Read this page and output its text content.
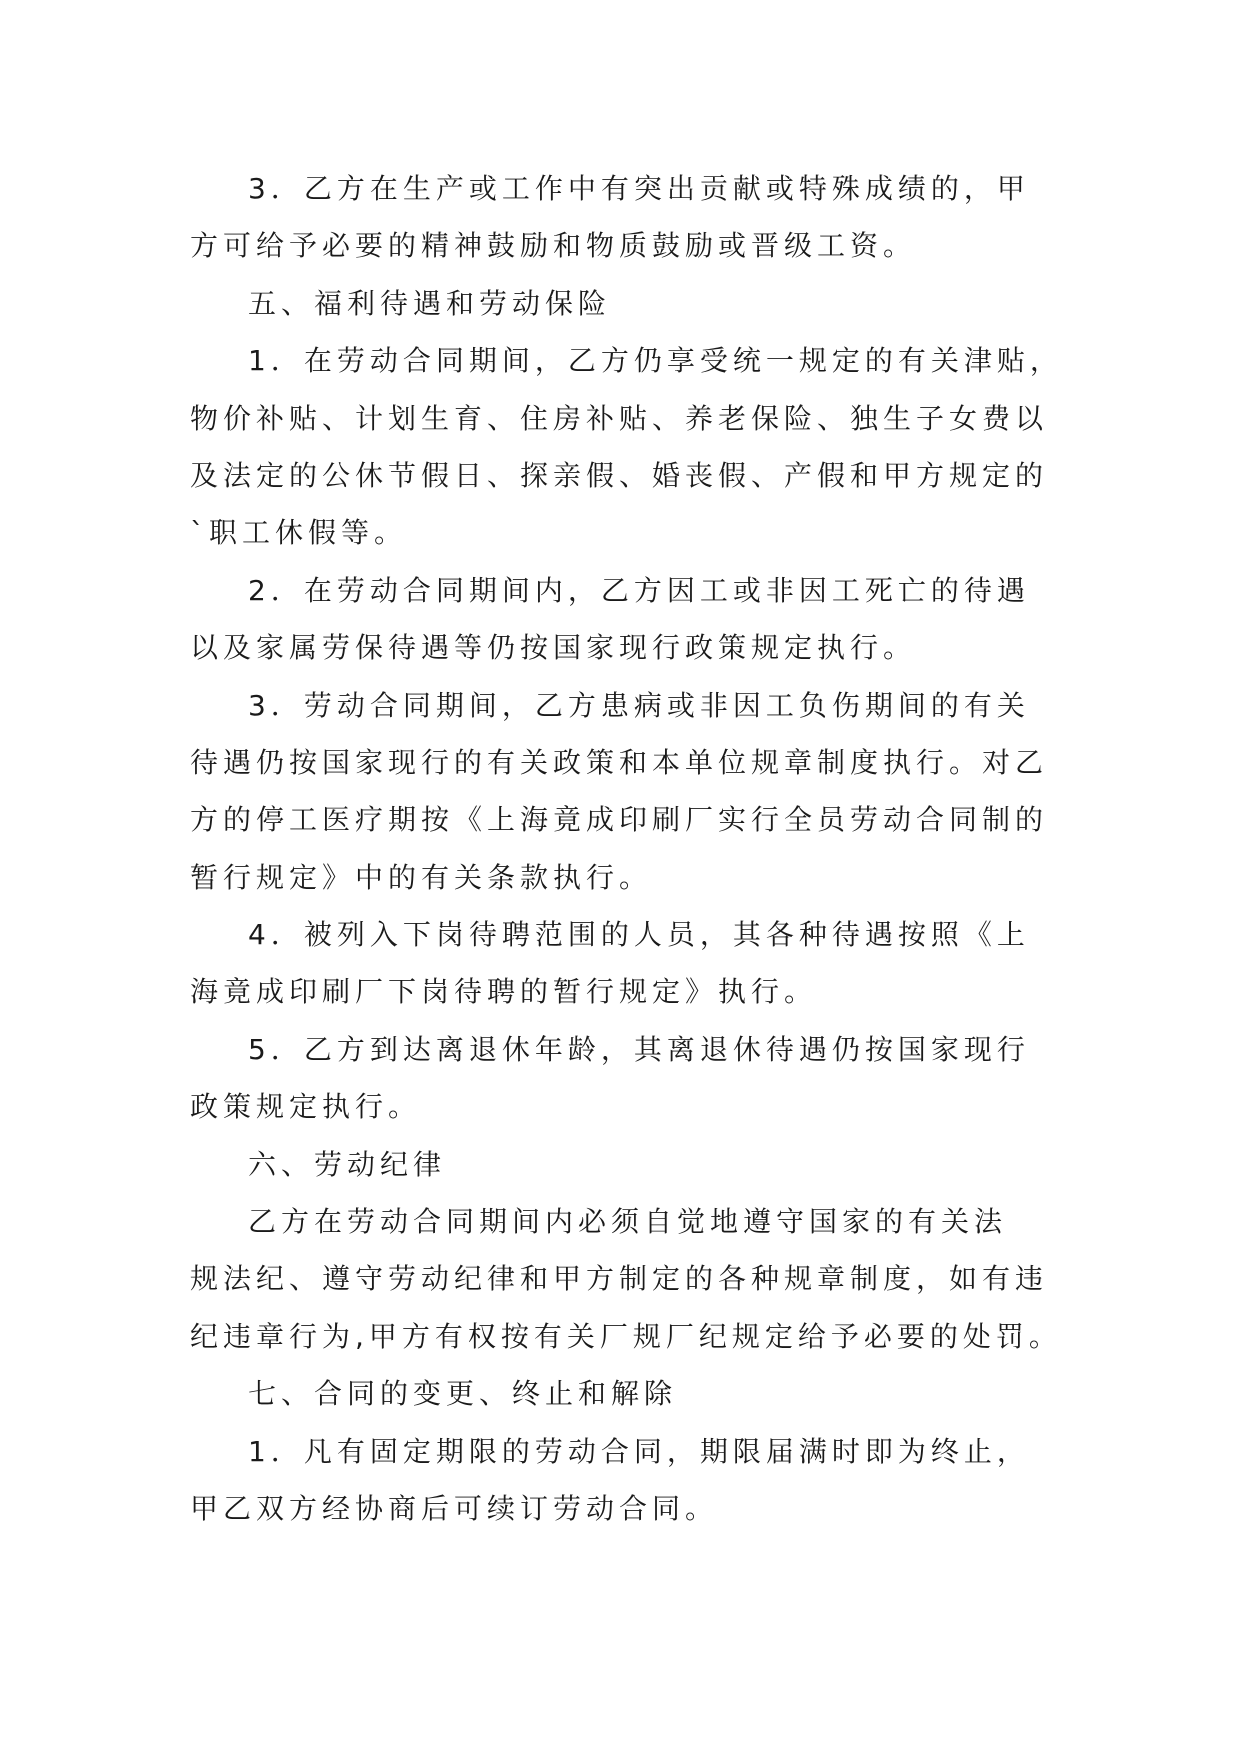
3．乙方在生产或工作中有突出贡献或特殊成绩的，甲
方可给予必要的精神鼓励和物质鼓励或晋级工资。
五、福利待遇和劳动保险
1．在劳动合同期间，乙方仍享受统一规定的有关津贴，
物价补贴、计划生育、住房补贴、养老保险、独生子女费以
及法定的公休节假日、探亲假、婚丧假、产假和甲方规定的
`职工休假等。
2．在劳动合同期间内，乙方因工或非因工死亡的待遇
以及家属劳保待遇等仍按国家现行政策规定执行。
3．劳动合同期间，乙方患病或非因工负伤期间的有关
待遇仍按国家现行的有关政策和本单位规章制度执行。对乙
方的停工医疗期按《上海竟成印刷厂实行全员劳动合同制的
暂行规定》中的有关条款执行。
4．被列入下岗待聘范围的人员，其各种待遇按照《上
海竟成印刷厂下岗待聘的暂行规定》执行。
5．乙方到达离退休年龄，其离退休待遇仍按国家现行
政策规定执行。
六、劳动纪律
乙方在劳动合同期间内必须自觉地遵守国家的有关法
规法纪、遵守劳动纪律和甲方制定的各种规章制度，如有违
纪违章行为,甲方有权按有关厂规厂纪规定给予必要的处罚。
七、合同的变更、终止和解除
1．凡有固定期限的劳动合同，期限届满时即为终止，
甲乙双方经协商后可续订劳动合同。
